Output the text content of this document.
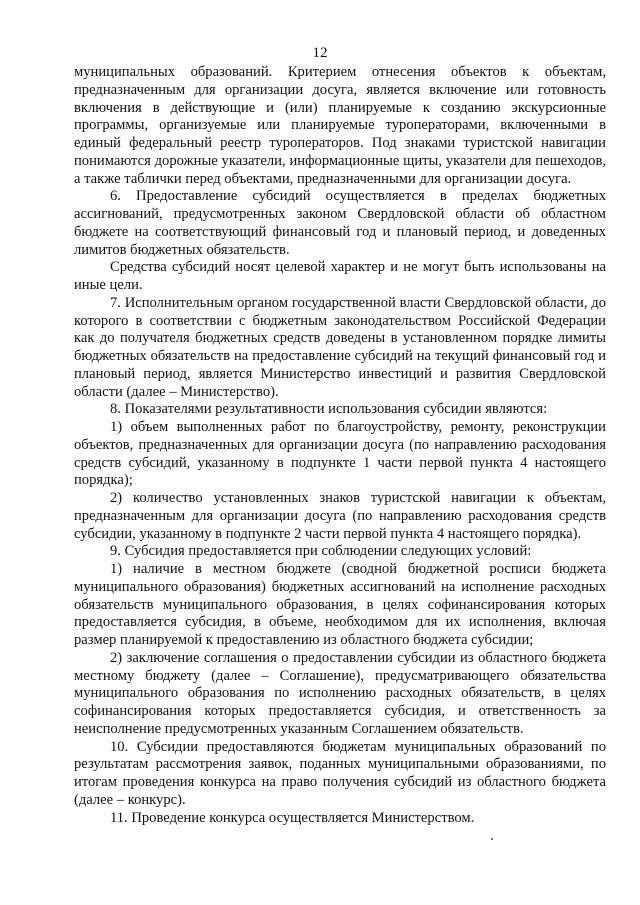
12

муниципальных образований. Критерием отнесения объектов к объектам, предназначенным для организации досуга, является включение или готовность включения в действующие и (или) планируемые к созданию экскурсионные программы, организуемые или планируемые туроператорами, включенными в единый федеральный реестр туроператоров. Под знаками туристской навигации понимаются дорожные указатели, информационные щиты, указатели для пешеходов, а также таблички перед объектами, предназначенными для организации досуга.

6. Предоставление субсидий осуществляется в пределах бюджетных ассигнований, предусмотренных законом Свердловской области об областном бюджете на соответствующий финансовый год и плановый период, и доведенных лимитов бюджетных обязательств.

Средства субсидий носят целевой характер и не могут быть использованы на иные цели.

7. Исполнительным органом государственной власти Свердловской области, до которого в соответствии с бюджетным законодательством Российской Федерации как до получателя бюджетных средств доведены в установленном порядке лимиты бюджетных обязательств на предоставление субсидий на текущий финансовый год и плановый период, является Министерство инвестиций и развития Свердловской области (далее – Министерство).

8. Показателями результативности использования субсидии являются:

1) объем выполненных работ по благоустройству, ремонту, реконструкции объектов, предназначенных для организации досуга (по направлению расходования средств субсидий, указанному в подпункте 1 части первой пункта 4 настоящего порядка);

2) количество установленных знаков туристской навигации к объектам, предназначенным для организации досуга (по направлению расходования средств субсидии, указанному в подпункте 2 части первой пункта 4 настоящего порядка).

9. Субсидия предоставляется при соблюдении следующих условий:

1) наличие в местном бюджете (сводной бюджетной росписи бюджета муниципального образования) бюджетных ассигнований на исполнение расходных обязательств муниципального образования, в целях софинансирования которых предоставляется субсидия, в объеме, необходимом для их исполнения, включая размер планируемой к предоставлению из областного бюджета субсидии;

2) заключение соглашения о предоставлении субсидии из областного бюджета местному бюджету (далее – Соглашение), предусматривающего обязательства муниципального образования по исполнению расходных обязательств, в целях софинансирования которых предоставляется субсидия, и ответственность за неисполнение предусмотренных указанным Соглашением обязательств.

10. Субсидии предоставляются бюджетам муниципальных образований по результатам рассмотрения заявок, поданных муниципальными образованиями, по итогам проведения конкурса на право получения субсидий из областного бюджета (далее – конкурс).

11. Проведение конкурса осуществляется Министерством.
